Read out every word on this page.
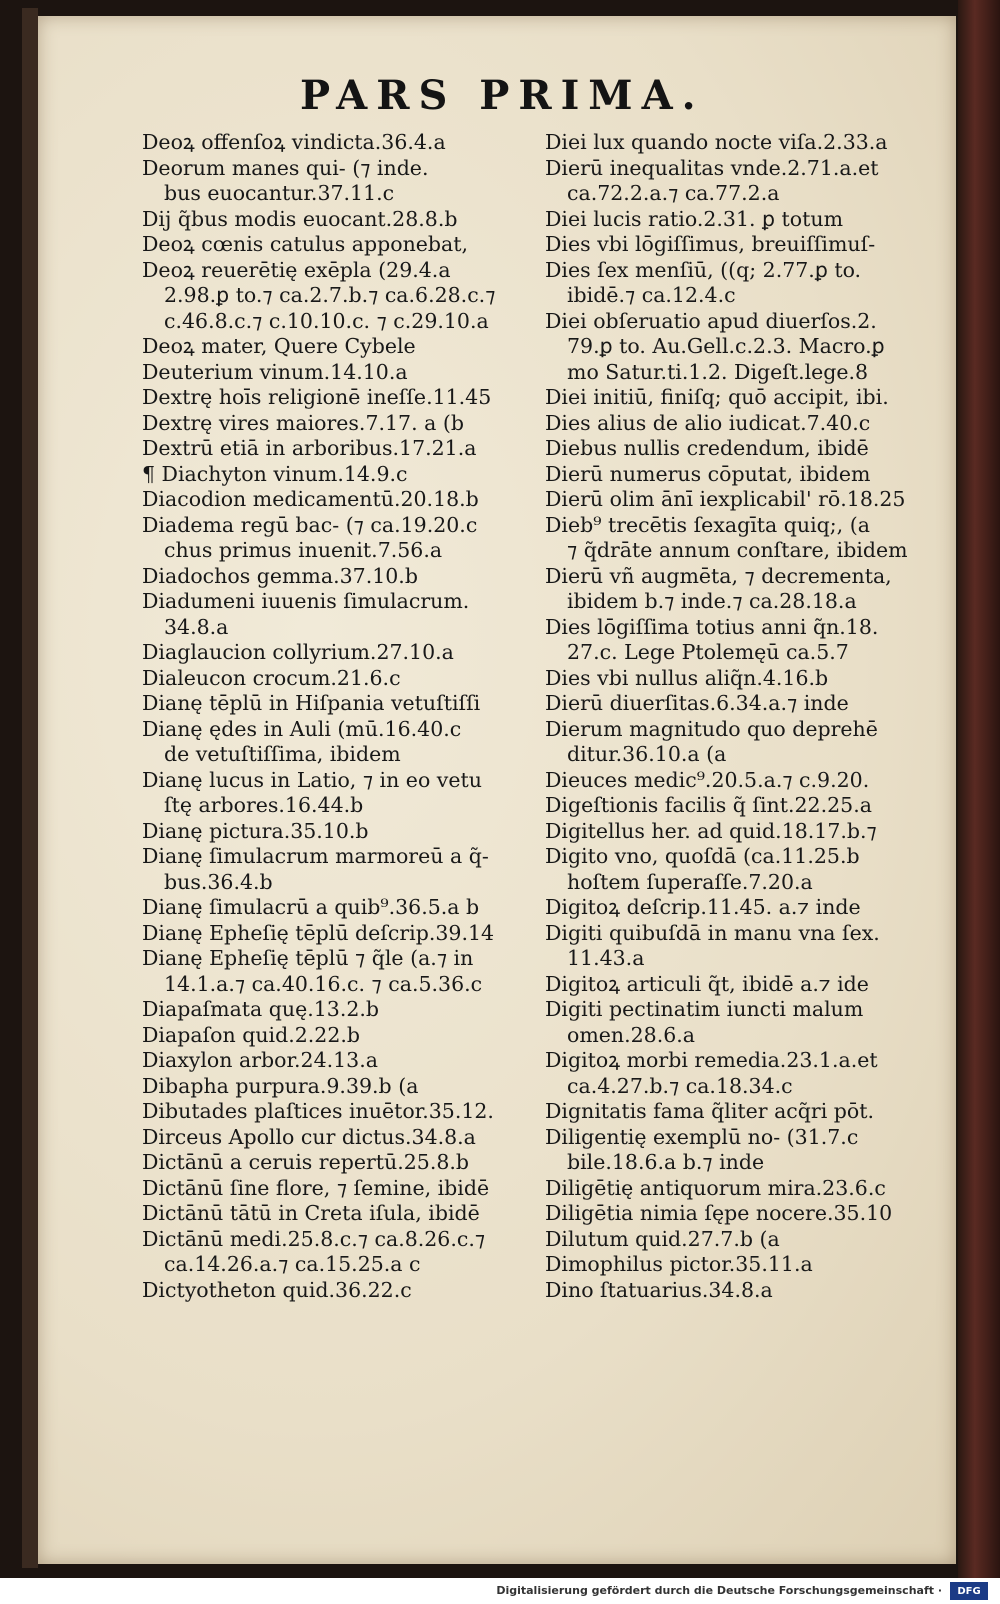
PARS PRIMA.
Deoꝝ offenſoꝝ vindicta.36.4.a
Deorum manes qui- (⁊ inde.
bus euocantur.37.11.c
Dij q̃bus modis euocant.28.8.b
Deoꝝ cœnis catulus apponebat,
Deoꝝ reuerētię exēpla (29.4.a
2.98.ꝑ to.⁊ ca.2.7.b.⁊ ca.6.28.c.⁊
c.46.8.c.⁊ c.10.10.c. ⁊ c.29.10.a
Deoꝝ mater, Quere Cybele
Deuterium vinum.14.10.a
Dextrę hoīs religionē ineſſe.11.45
Dextrę vires maiores.7.17. a (b
Dextrū etiā in arboribus.17.21.a
¶ Diachyton vinum.14.9.c
Diacodion medicamentū.20.18.b
Diadema regū bac- (⁊ ca.19.20.c
chus primus inuenit.7.56.a
Diadochos gemma.37.10.b
Diadumeni iuuenis ſimulacrum.
34.8.a
Diaglaucion collyrium.27.10.a
Dialeucon crocum.21.6.c
Dianę tēplū in Hiſpania vetuſtiſſi
Dianę ędes in Auli (mū.16.40.c
de vetuſtiſſima, ibidem
Dianę lucus in Latio, ⁊ in eo vetu
ſtę arbores.16.44.b
Dianę pictura.35.10.b
Dianę ſimulacrum marmoreū a q̃-
bus.36.4.b
Dianę ſimulacrū a quib⁹.36.5.a b
Dianę Epheſię tēplū deſcrip.39.14
Dianę Epheſię tēplū ⁊ q̃le (a.⁊ in
14.1.a.⁊ ca.40.16.c. ⁊ ca.5.36.c
Diapaſmata quę.13.2.b
Diapaſon quid.2.22.b
Diaxylon arbor.24.13.a
Dibapha purpura.9.39.b (a
Dibutades plaſtices inuētor.35.12.
Dirceus Apollo cur dictus.34.8.a
Dictānū a ceruis repertū.25.8.b
Dictānū ſine flore, ⁊ ſemine, ibidē
Dictānū tātū in Creta iſula, ibidē
Dictānū medi.25.8.c.⁊ ca.8.26.c.⁊
ca.14.26.a.⁊ ca.15.25.a c
Dictyotheton quid.36.22.c
Diei lux quando nocte viſa.2.33.a
Dierū inequalitas vnde.2.71.a.et
ca.72.2.a.⁊ ca.77.2.a
Diei lucis ratio.2.31. ꝑ totum
Dies vbi lōgiſſimus, breuiſſimuſ-
Dies ſex menſiū, ((q; 2.77.ꝑ to.
ibidē.⁊ ca.12.4.c
Diei obſeruatio apud diuerſos.2.
79.ꝑ to. Au.Gell.c.2.3. Macro.ꝑ
mo Satur.ti.1.2. Digeſt.lege.8
Diei initiū, finiſq; quō accipit, ibi.
Dies alius de alio iudicat.7.40.c
Diebus nullis credendum, ibidē
Dierū numerus cōputat, ibidem
Dierū olim ānī iexplicabil' rō.18.25
Dieb⁹ trecētis ſexagīta quiq;, (a
⁊ q̃drāte annum conſtare, ibidem
Dierū vñ augmēta, ⁊ decrementa,
ibidem b.⁊ inde.⁊ ca.28.18.a
Dies lōgiſſima totius anni q̃n.18.
27.c. Lege Ptolemęū ca.5.7
Dies vbi nullus aliq̃n.4.16.b
Dierū diuerſitas.6.34.a.⁊ inde
Dierum magnitudo quo deprehē
ditur.36.10.a (a
Dieuces medic⁹.20.5.a.⁊ c.9.20.
Digeſtionis facilis q̃ ſint.22.25.a
Digitellus her. ad quid.18.17.b.⁊
Digito vno, quoſdā (ca.11.25.b
hoſtem ſuperaſſe.7.20.a
Digitoꝝ deſcrip.11.45. a.⁊ inde
Digiti quibuſdā in manu vna ſex.
11.43.a
Digitoꝝ articuli q̃t, ibidē a.⁊ ide
Digiti pectinatim iuncti malum
omen.28.6.a
Digitoꝝ morbi remedia.23.1.a.et
ca.4.27.b.⁊ ca.18.34.c
Dignitatis fama q̃liter acq̃ri pōt.
Diligentię exemplū no- (31.7.c
bile.18.6.a b.⁊ inde
Diligētię antiquorum mira.23.6.c
Diligētia nimia ſępe nocere.35.10
Dilutum quid.27.7.b (a
Dimophilus pictor.35.11.a
Dino ſtatuarius.34.8.a
Digitalisierung gefördert durch die Deutsche Forschungsgemeinschaft ·	DFG
